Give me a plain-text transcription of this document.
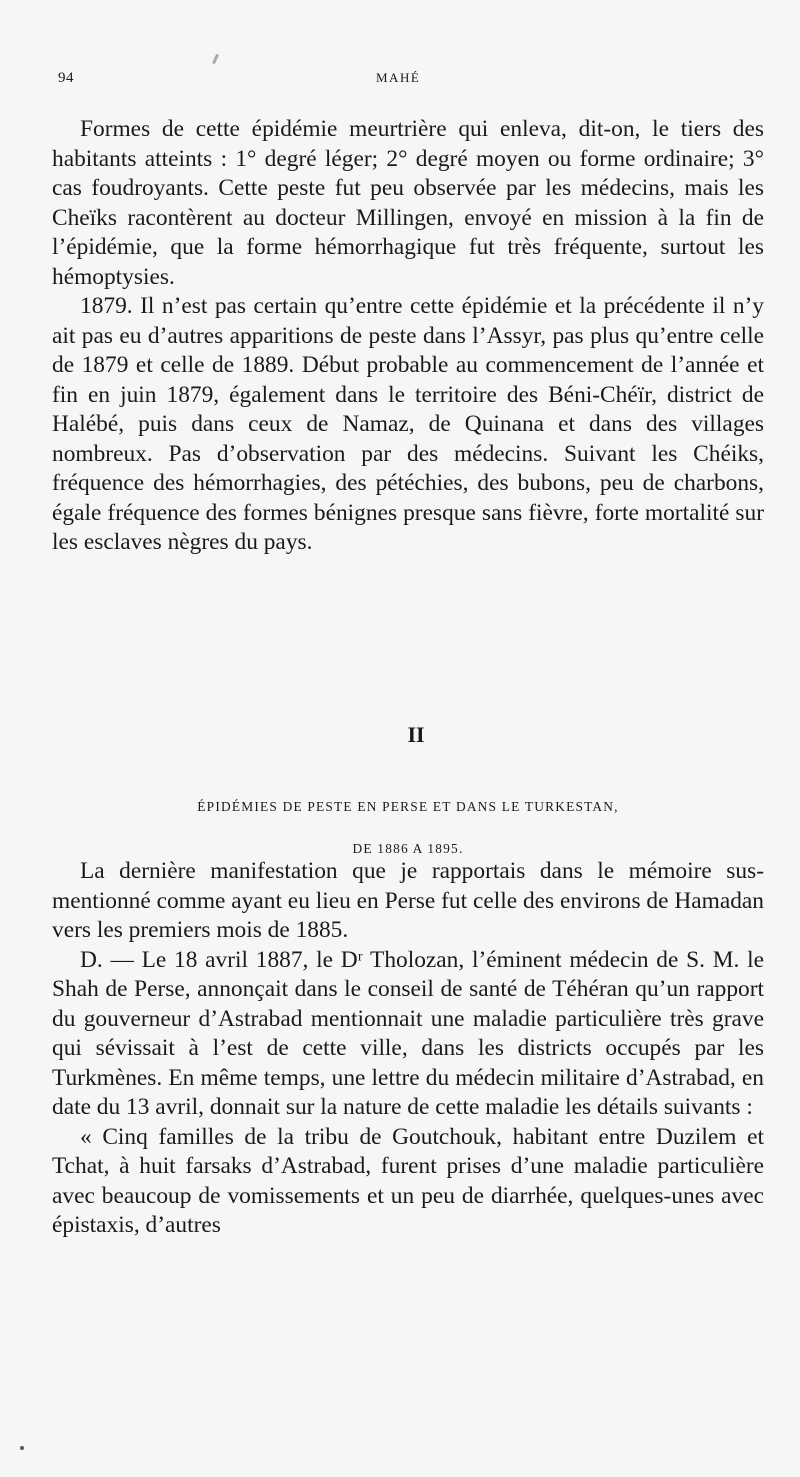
94	MAHÉ

Formes de cette épidémie meurtrière qui enleva, dit-on, le tiers des habitants atteints : 1° degré léger; 2° degré moyen ou forme ordinaire; 3° cas foudroyants. Cette peste fut peu observée par les médecins, mais les Cheïks racontèrent au docteur Millingen, envoyé en mission à la fin de l’épidémie, que la forme hémorrhagique fut très fréquente, surtout les hémoptysies.

1879. Il n’est pas certain qu’entre cette épidémie et la précédente il n’y ait pas eu d’autres apparitions de peste dans l’Assyr, pas plus qu’entre celle de 1879 et celle de 1889. Début probable au commencement de l’année et fin en juin 1879, également dans le territoire des Béni-Chéïr, district de Halébé, puis dans ceux de Namaz, de Quinana et dans des villages nombreux. Pas d’observation par des médecins. Suivant les Chéiks, fréquence des hémorrhagies, des pétéchies, des bubons, peu de charbons, égale fréquence des formes bénignes presque sans fièvre, forte mortalité sur les esclaves nègres du pays.

II
ÉPIDÉMIES DE PESTE EN PERSE ET DANS LE TURKESTAN,
DE 1886 A 1895.

La dernière manifestation que je rapportais dans le mémoire sus-mentionné comme ayant eu lieu en Perse fut celle des environs de Hamadan vers les premiers mois de 1885.

D. — Le 18 avril 1887, le Dʳ Tholozan, l’éminent médecin de S. M. le Shah de Perse, annonçait dans le conseil de santé de Téhéran qu’un rapport du gouverneur d’Astrabad mentionnait une maladie particulière très grave qui sévissait à l’est de cette ville, dans les districts occupés par les Turkmènes. En même temps, une lettre du médecin militaire d’Astrabad, en date du 13 avril, donnait sur la nature de cette maladie les détails suivants :

« Cinq familles de la tribu de Goutchouk, habitant entre Duzilem et Tchat, à huit farsaks d’Astrabad, furent prises d’une maladie particulière avec beaucoup de vomissements et un peu de diarrhée, quelques-unes avec épistaxis, d’autres
